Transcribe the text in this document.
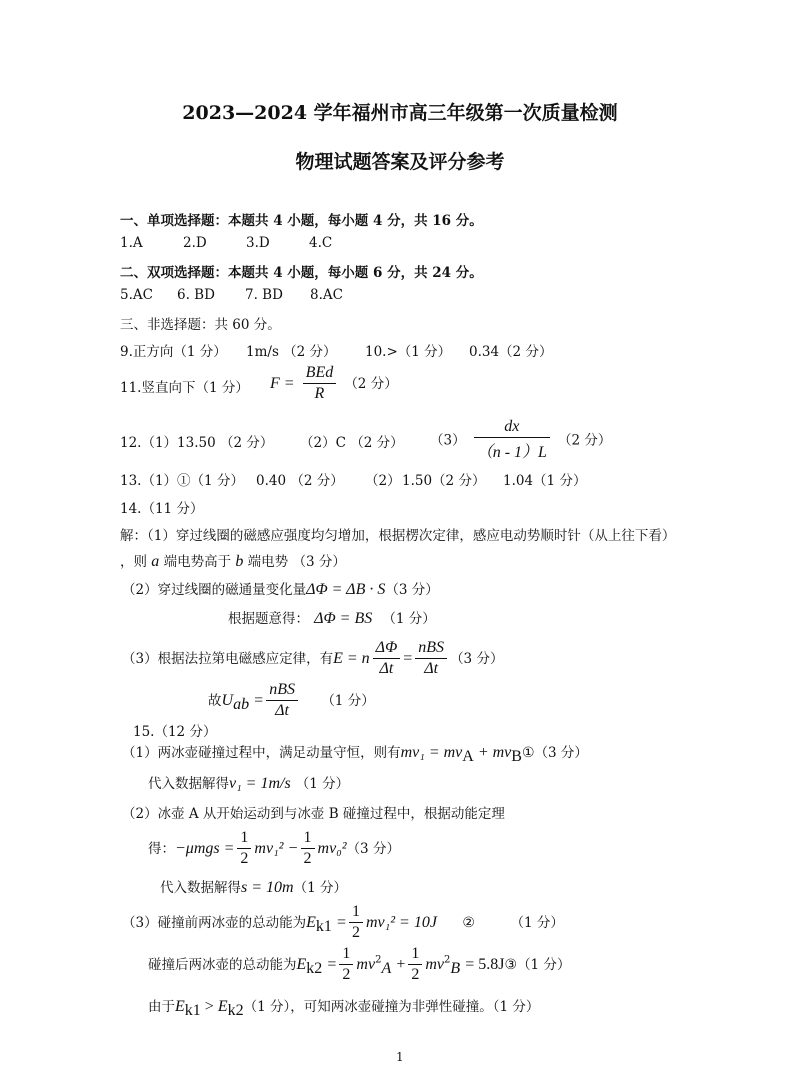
2023—2024 学年福州市高三年级第一次质量检测
物理试题答案及评分参考
一、单项选择题：本题共 4 小题，每小题 4 分，共 16 分。
1.A	2.D	3.D	4.C
二、双项选择题：本题共 4 小题，每小题 6 分，共 24 分。
5.AC 6. BD 7. BD 8.AC
三、非选择题：共 60 分。
9.正方向（1 分） 1m/s （2 分） 10.>（1 分） 0.34（2 分）
11.竖直向下（1 分） $F = \frac{\text{BEd}}{R} (2$ 分）
12.（1）13.50 （2 分） （2）C （2 分） $(3) \frac{dx}{(n - 1)L} (2$ 分）
13.（1）①（1 分） 0.40 （2 分） （2） 1.50（2 分） 1.04（1 分）
14.（11 分）
解：（1）穿过线圈的磁感应强度均匀增加，根据楞次定律，感应电动势顺时针（从上往下看）
，则 a 端电势高于 b 端电势 （3 分）
（2）穿过线圈的磁通量变化量ΔΦ = ΔB · S（3 分）
根据题意得： ΔΦ = BS （1 分）
（3）根据法拉第电磁感应定律，有E = n $\frac{\Delta\Phi}{\Delta t} = \frac{\text{nBS}}{\Delta t} (3$ 分）
故$U_{ab} = \frac{\text{nBS}}{\Delta t} (1$ 分）
15.（12 分）
（1）两冰壶碰撞过程中，满足动量守恒，则有$mv_1 = mv_A$ + $mv_B①(3$ 分）
代入数据解得v₁ = 1m/s （1 分）
（2）冰壶 A 从开始运动到与冰壶 B 碰撞过程中，根据动能定理
得：$-\mu mgs = \frac{1}{2} mv_1^2 - \frac{1}{2} mv_0^2(3$ 分）
代入数据解得s = 10m（1 分）
（3）碰撞前两冰壶的总动能为$E_{k1} = \frac{1}{2} mv_1^2 = 10J$ ②	（1 分）
碰撞后两冰壶的总动能为$E_{k2} = \frac{1}{2} mv^2_A + \frac{1}{2} mv^2_B$ = 5.8J③（1 分）
由于$E_{k1} > E_{k2}(1$ 分），可知两冰壶碰撞为非弹性碰撞。（1 分）
1
